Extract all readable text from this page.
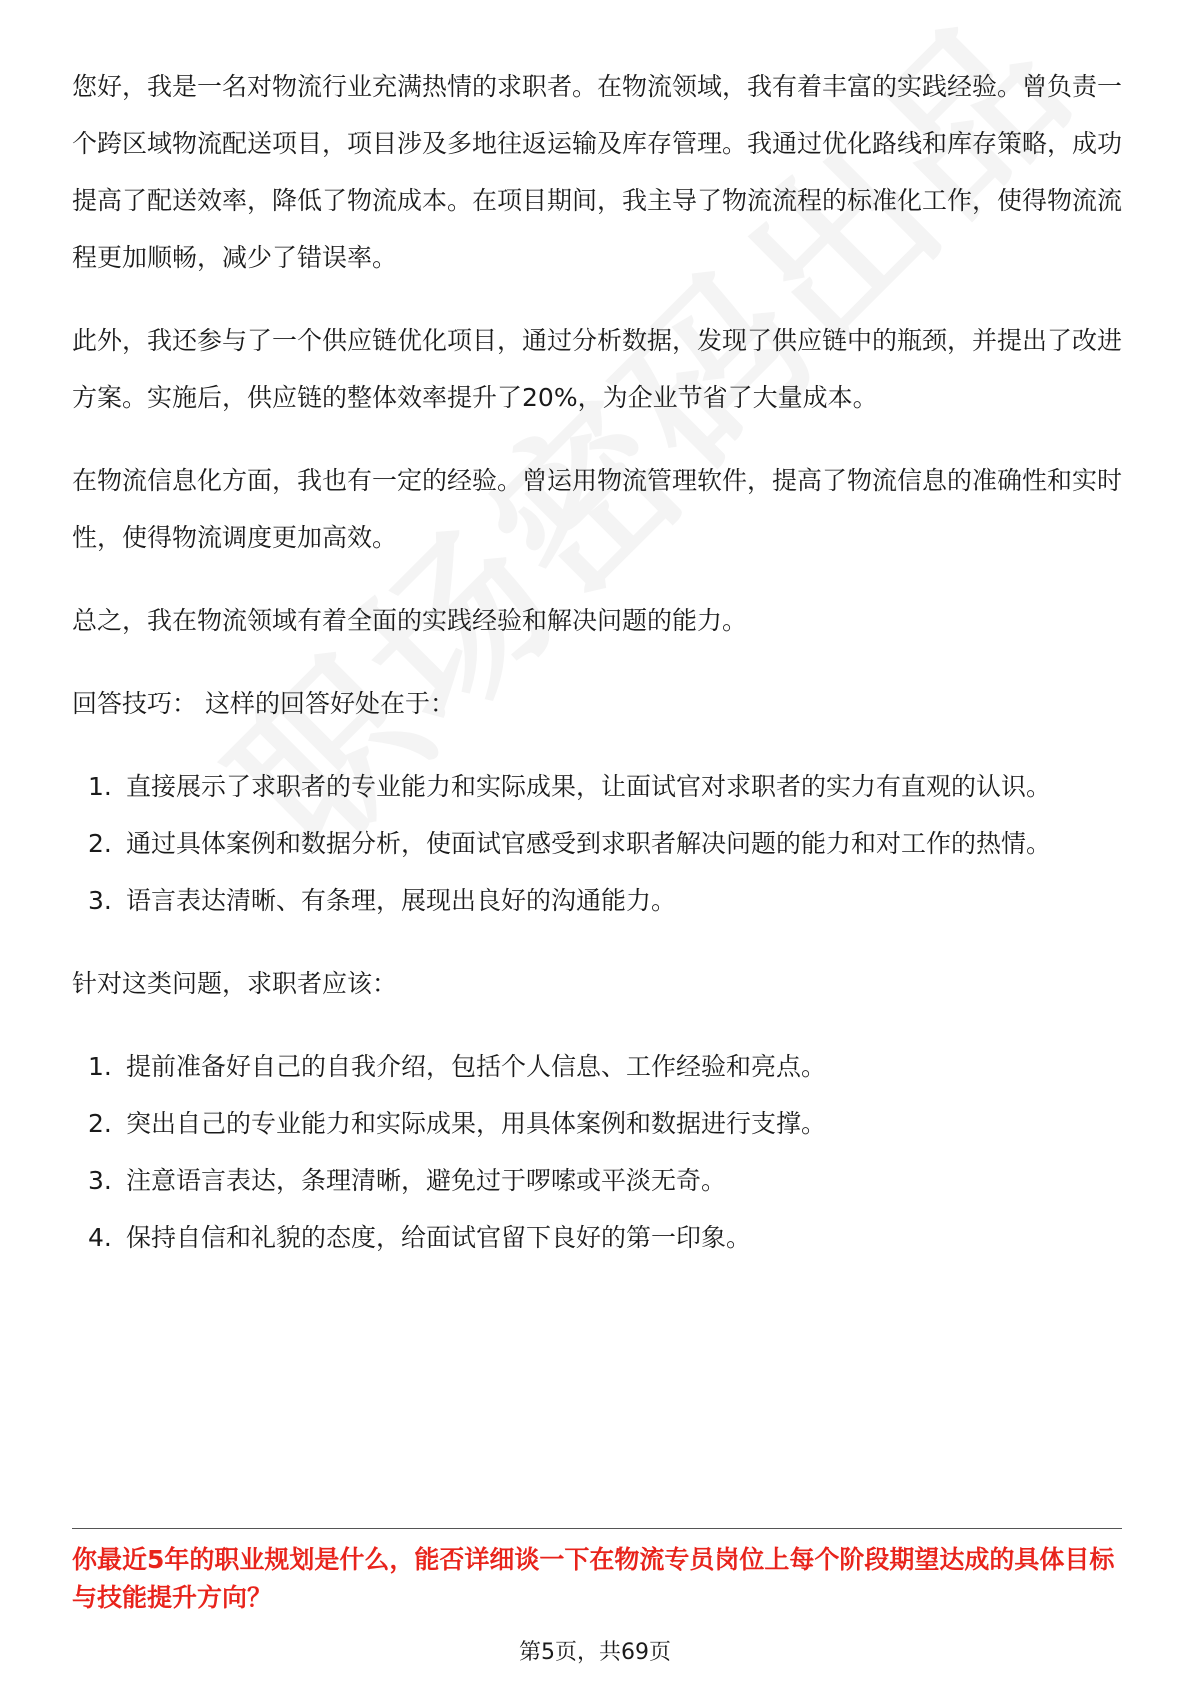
您好，我是一名对物流行业充满热情的求职者。在物流领域，我有着丰富的实践经验。曾负责一个跨区域物流配送项目，项目涉及多地往返运输及库存管理。我通过优化路线和库存策略，成功提高了配送效率，降低了物流成本。在项目期间，我主导了物流流程的标准化工作，使得物流流程更加顺畅，减少了错误率。

此外，我还参与了一个供应链优化项目，通过分析数据，发现了供应链中的瓶颈，并提出了改进方案。实施后，供应链的整体效率提升了20%，为企业节省了大量成本。

在物流信息化方面，我也有一定的经验。曾运用物流管理软件，提高了物流信息的准确性和实时性，使得物流调度更加高效。

总之，我在物流领域有着全面的实践经验和解决问题的能力。

回答技巧： 这样的回答好处在于：

1. 直接展示了求职者的专业能力和实际成果，让面试官对求职者的实力有直观的认识。
2. 通过具体案例和数据分析，使面试官感受到求职者解决问题的能力和对工作的热情。
3. 语言表达清晰、有条理，展现出良好的沟通能力。

针对这类问题，求职者应该：

1. 提前准备好自己的自我介绍，包括个人信息、工作经验和亮点。
2. 突出自己的专业能力和实际成果，用具体案例和数据进行支撑。
3. 注意语言表达，条理清晰，避免过于啰嗦或平淡无奇。
4. 保持自信和礼貌的态度，给面试官留下良好的第一印象。

你最近5年的职业规划是什么，能否详细谈一下在物流专员岗位上每个阶段期望达成的具体目标与技能提升方向？

第5页，共69页
